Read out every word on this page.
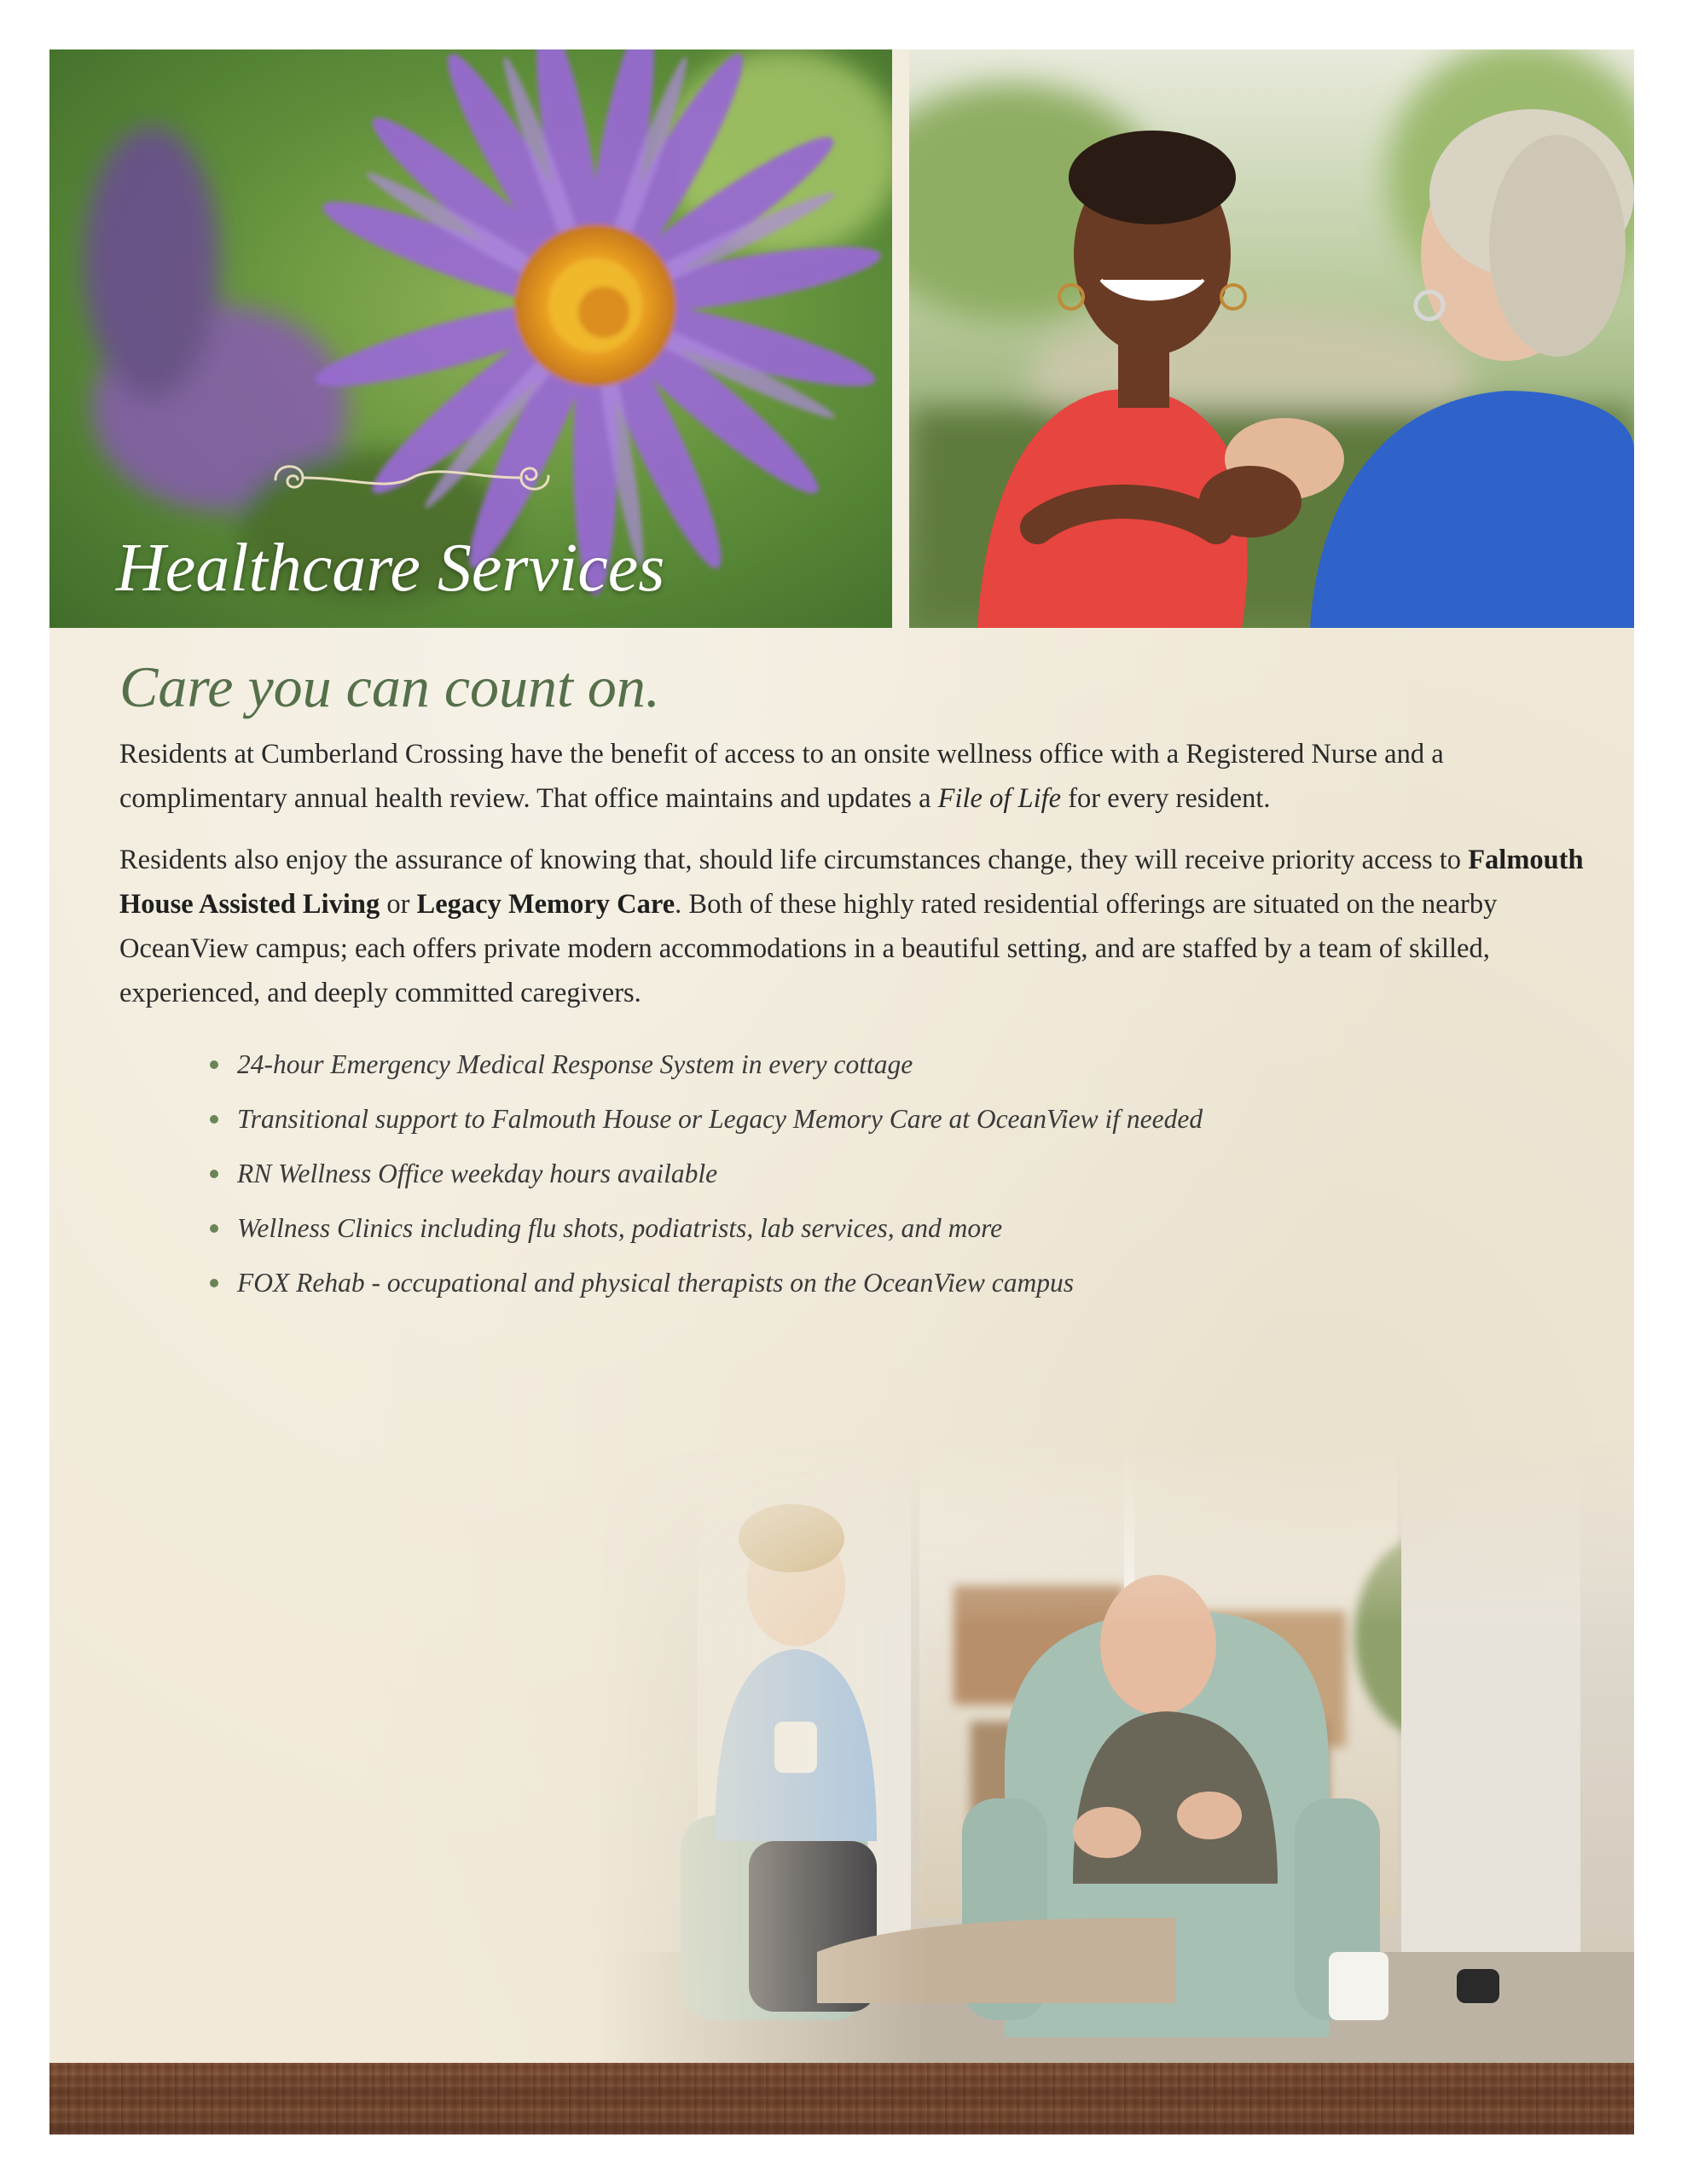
Healthcare Services
Care you can count on.

Residents at Cumberland Crossing have the benefit of access to an onsite wellness office with a Registered Nurse and a complimentary annual health review. That office maintains and updates a File of Life for every resident.

Residents also enjoy the assurance of knowing that, should life circumstances change, they will receive priority access to Falmouth House Assisted Living or Legacy Memory Care. Both of these highly rated residential offerings are situated on the nearby OceanView campus; each offers private modern accommodations in a beautiful setting, and are staffed by a team of skilled, experienced, and deeply committed caregivers.

24-hour Emergency Medical Response System in every cottage
Transitional support to Falmouth House or Legacy Memory Care at OceanView if needed
RN Wellness Office weekday hours available
Wellness Clinics including flu shots, podiatrists, lab services, and more
FOX Rehab - occupational and physical therapists on the OceanView campus
